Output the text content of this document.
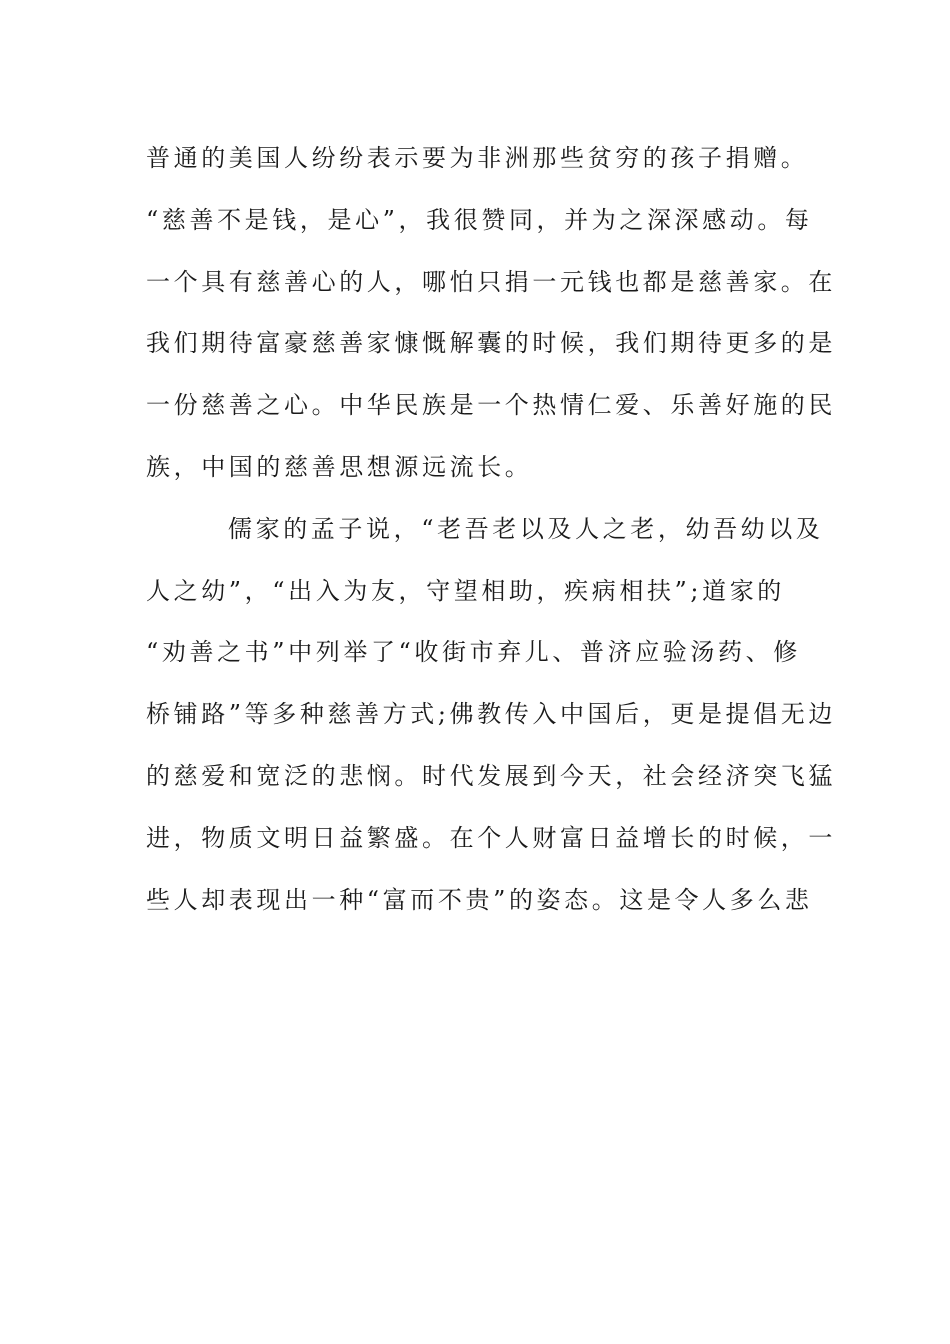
普通的美国人纷纷表示要为非洲那些贫穷的孩子捐赠。
“慈善不是钱，是心”，我很赞同，并为之深深感动。每
一个具有慈善心的人，哪怕只捐一元钱也都是慈善家。在
我们期待富豪慈善家慷慨解囊的时候，我们期待更多的是
一份慈善之心。中华民族是一个热情仁爱、乐善好施的民
族，中国的慈善思想源远流长。
儒家的孟子说，“老吾老以及人之老，幼吾幼以及
人之幼”，“出入为友，守望相助，疾病相扶”;道家的
“劝善之书”中列举了“收街市弃儿、普济应验汤药、修
桥铺路”等多种慈善方式;佛教传入中国后，更是提倡无边
的慈爱和宽泛的悲悯。时代发展到今天，社会经济突飞猛
进，物质文明日益繁盛。在个人财富日益增长的时候，一
些人却表现出一种“富而不贵”的姿态。这是令人多么悲
